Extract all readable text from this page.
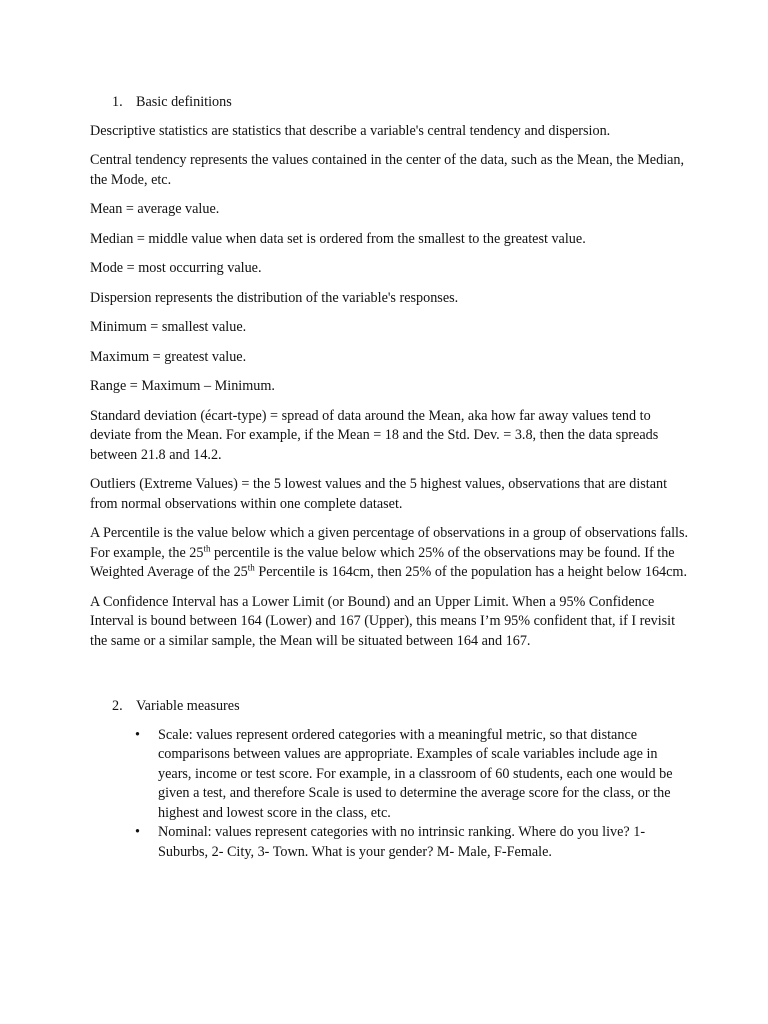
1. Basic definitions

Descriptive statistics are statistics that describe a variable's central tendency and dispersion.

Central tendency represents the values contained in the center of the data, such as the Mean, the Median, the Mode, etc.

Mean = average value.

Median = middle value when data set is ordered from the smallest to the greatest value.

Mode = most occurring value.

Dispersion represents the distribution of the variable's responses.

Minimum = smallest value.

Maximum = greatest value.

Range = Maximum – Minimum.

Standard deviation (écart-type) = spread of data around the Mean, aka how far away values tend to deviate from the Mean. For example, if the Mean = 18 and the Std. Dev. = 3.8, then the data spreads between 21.8 and 14.2.

Outliers (Extreme Values) = the 5 lowest values and the 5 highest values, observations that are distant from normal observations within one complete dataset.

A Percentile is the value below which a given percentage of observations in a group of observations falls. For example, the 25th percentile is the value below which 25% of the observations may be found. If the Weighted Average of the 25th Percentile is 164cm, then 25% of the population has a height below 164cm.

A Confidence Interval has a Lower Limit (or Bound) and an Upper Limit. When a 95% Confidence Interval is bound between 164 (Lower) and 167 (Upper), this means I’m 95% confident that, if I revisit the same or a similar sample, the Mean will be situated between 164 and 167.

2. Variable measures
• Scale: values represent ordered categories with a meaningful metric, so that distance comparisons between values are appropriate. Examples of scale variables include age in years, income or test score. For example, in a classroom of 60 students, each one would be given a test, and therefore Scale is used to determine the average score for the class, or the highest and lowest score in the class, etc.
• Nominal: values represent categories with no intrinsic ranking. Where do you live? 1- Suburbs, 2- City, 3- Town. What is your gender? M- Male, F-Female.
